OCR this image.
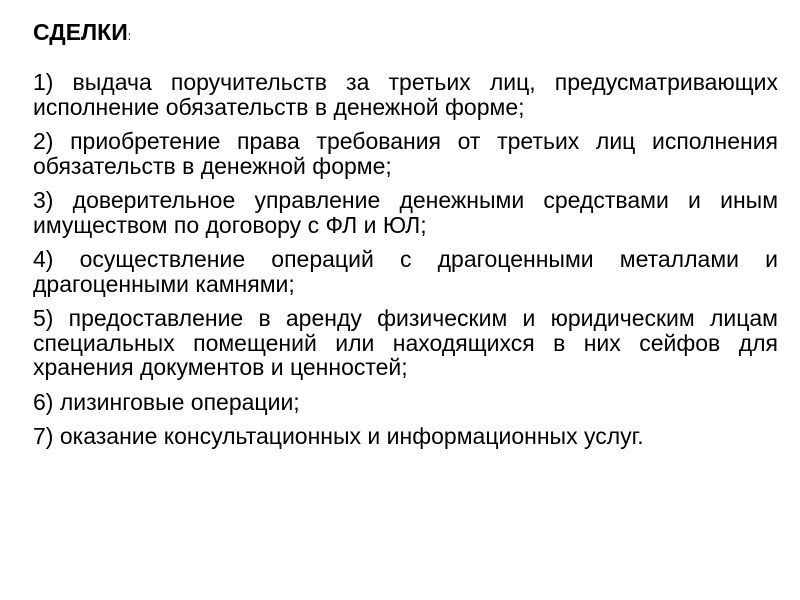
СДЕЛКИ:
1) выдача поручительств за третьих лиц, предусматривающих исполнение обязательств в денежной форме;
2) приобретение права требования от третьих лиц исполнения обязательств в денежной форме;
3) доверительное управление денежными средствами и иным имуществом по договору с ФЛ и ЮЛ;
4) осуществление операций с драгоценными металлами и драгоценными камнями;
5) предоставление в аренду физическим и юридическим лицам специальных помещений или находящихся в них сейфов для хранения документов и ценностей;
6) лизинговые операции;
7) оказание консультационных и информационных услуг.
